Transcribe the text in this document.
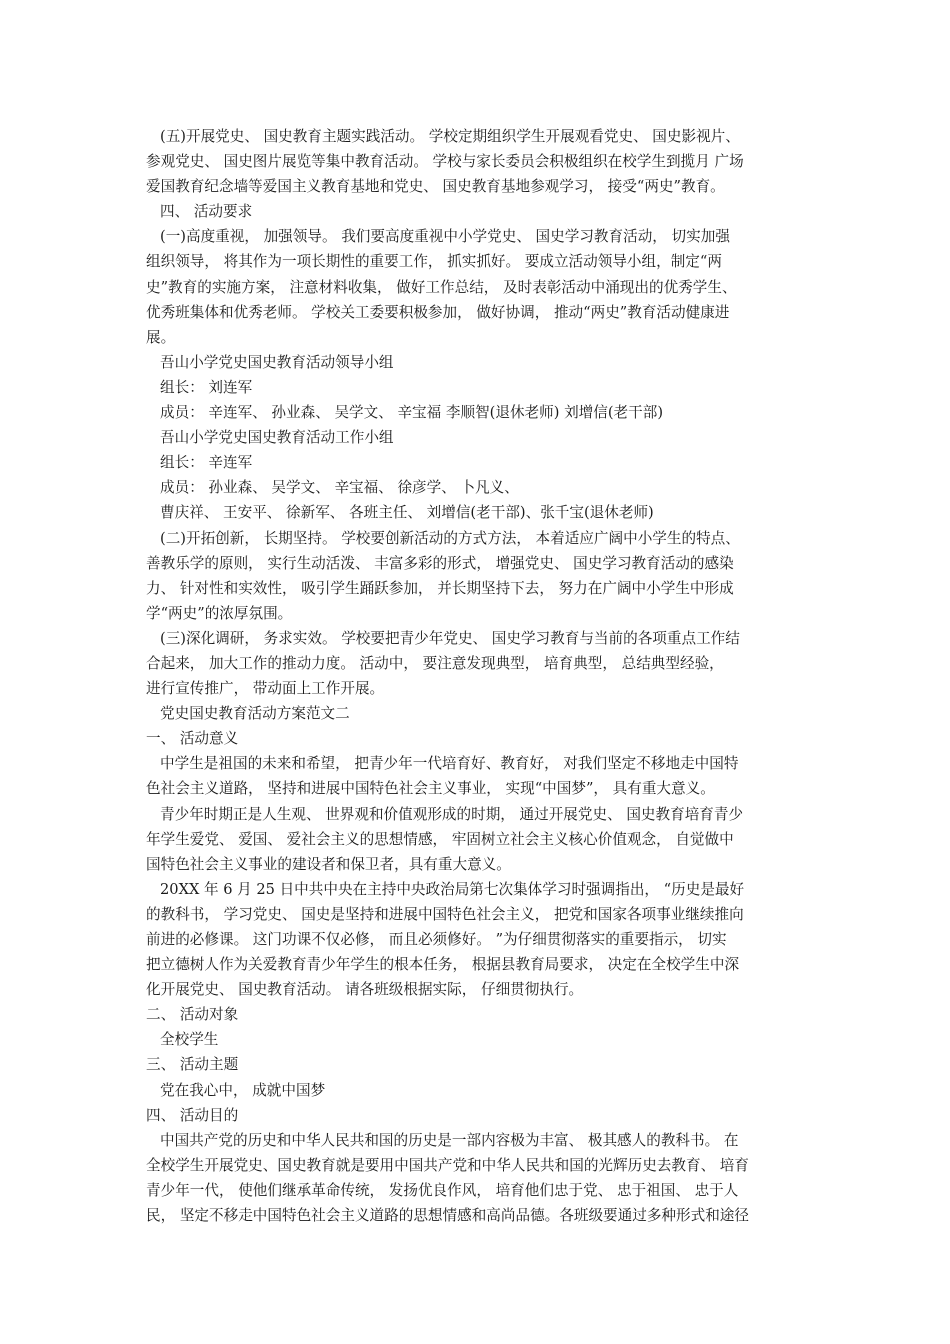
(五)开展党史、 国史教育主题实践活动。 学校定期组织学生开展观看党史、 国史影视片、
参观党史、 国史图片展览等集中教育活动。 学校与家长委员会积极组织在校学生到揽月 广场
爱国教育纪念墙等爱国主义教育基地和党史、 国史教育基地参观学习， 接受“两史”教育。
四、 活动要求
(一)高度重视， 加强领导。 我们要高度重视中小学党史、 国史学习教育活动， 切实加强
组织领导， 将其作为一项长期性的重要工作， 抓实抓好。 要成立活动领导小组，制定“两
史”教育的实施方案， 注意材料收集， 做好工作总结， 及时表彰活动中涌现出的优秀学生、
优秀班集体和优秀老师。 学校关工委要积极参加， 做好协调， 推动“两史”教育活动健康进
展。
吾山小学党史国史教育活动领导小组
组长： 刘连军
成员： 辛连军、 孙业森、 吴学文、 辛宝福 李顺智(退休老师) 刘增信(老干部)
吾山小学党史国史教育活动工作小组
组长： 辛连军
成员： 孙业森、 吴学文、 辛宝福、 徐彦学、 卜凡义、
曹庆祥、 王安平、 徐新军、 各班主任、 刘增信(老干部)、张千宝(退休老师)
(二)开拓创新， 长期坚持。 学校要创新活动的方式方法， 本着适应广阔中小学生的特点、
善教乐学的原则， 实行生动活泼、 丰富多彩的形式， 增强党史、 国史学习教育活动的感染
力、 针对性和实效性， 吸引学生踊跃参加， 并长期坚持下去， 努力在广阔中小学生中形成
学“两史”的浓厚氛围。
(三)深化调研， 务求实效。 学校要把青少年党史、 国史学习教育与当前的各项重点工作结
合起来， 加大工作的推动力度。 活动中， 要注意发现典型， 培育典型， 总结典型经验，
进行宣传推广， 带动面上工作开展。
党史国史教育活动方案范文二
一、 活动意义
中学生是祖国的未来和希望， 把青少年一代培育好、教育好， 对我们坚定不移地走中国特
色社会主义道路， 坚持和进展中国特色社会主义事业， 实现“中国梦”， 具有重大意义。
青少年时期正是人生观、 世界观和价值观形成的时期， 通过开展党史、 国史教育培育青少
年学生爱党、 爱国、 爱社会主义的思想情感， 牢固树立社会主义核心价值观念， 自觉做中
国特色社会主义事业的建设者和保卫者，具有重大意义。
20XX 年 6 月 25 日中共中央在主持中央政治局第七次集体学习时强调指出， “历史是最好
的教科书， 学习党史、 国史是坚持和进展中国特色社会主义， 把党和国家各项事业继续推向
前进的必修课。 这门功课不仅必修， 而且必须修好。 ”为仔细贯彻落实的重要指示， 切实
把立德树人作为关爱教育青少年学生的根本任务， 根据县教育局要求， 决定在全校学生中深
化开展党史、 国史教育活动。 请各班级根据实际， 仔细贯彻执行。
二、 活动对象
全校学生
三、 活动主题
党在我心中， 成就中国梦
四、 活动目的
中国共产党的历史和中华人民共和国的历史是一部内容极为丰富、 极其感人的教科书。 在
全校学生开展党史、国史教育就是要用中国共产党和中华人民共和国的光辉历史去教育、 培育
青少年一代， 使他们继承革命传统， 发扬优良作风， 培育他们忠于党、 忠于祖国、 忠于人
民， 坚定不移走中国特色社会主义道路的思想情感和高尚品德。各班级要通过多种形式和途径
